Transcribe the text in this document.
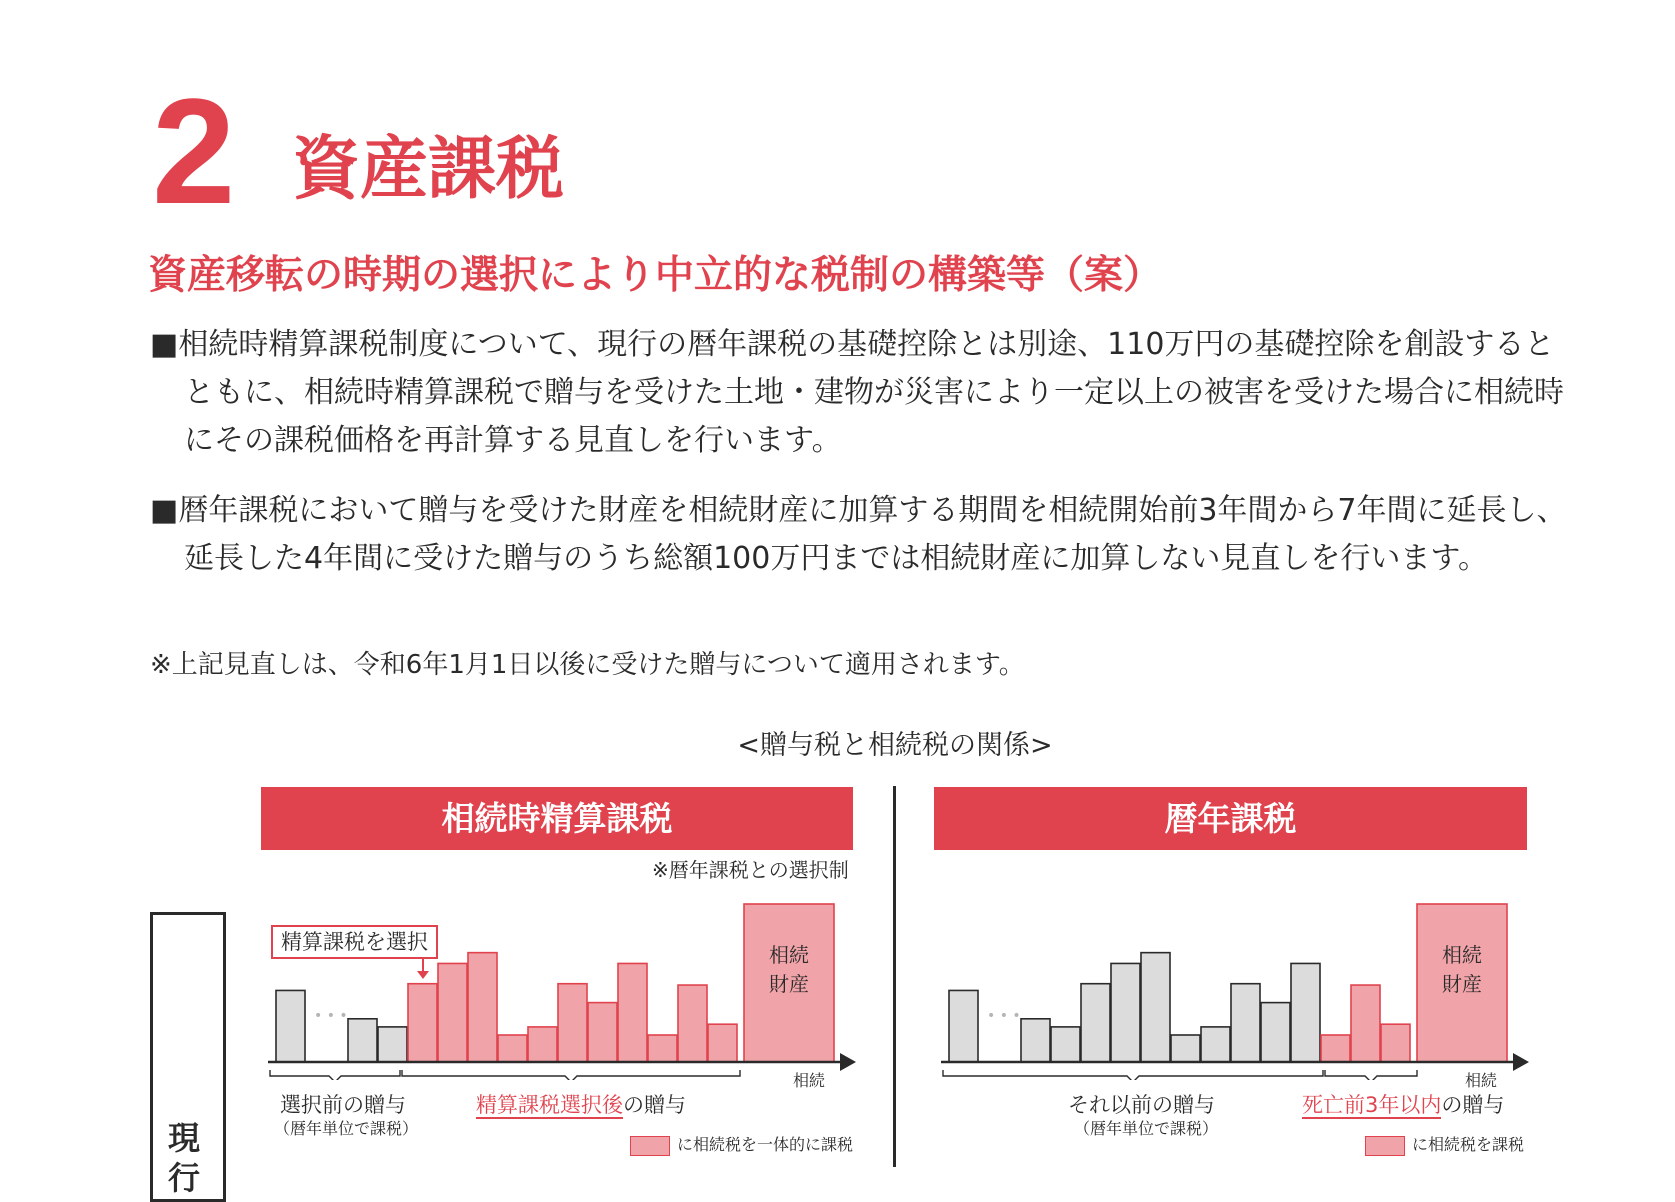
2 資産課税
資産移転の時期の選択により中立的な税制の構築等（案）
■相続時精算課税制度について、現行の暦年課税の基礎控除とは別途、110万円の基礎控除を創設するとともに、相続時精算課税で贈与を受けた土地・建物が災害により一定以上の被害を受けた場合に相続時にその課税価格を再計算する見直しを行います。
■暦年課税において贈与を受けた財産を相続財産に加算する期間を相続開始前3年間から7年間に延長し、延長した4年間に受けた贈与のうち総額100万円までは相続財産に加算しない見直しを行います。
※上記見直しは、令和6年1月1日以後に受けた贈与について適用されます。
<贈与税と相続税の関係>
相続時精算課税	暦年課税
※暦年課税との選択制
現行
• • •
相続
財産
精算課税を選択
相続
選択前の贈与
（暦年単位で課税）
精算課税選択後の贈与
に相続税を一体的に課税
• • •
相続
財産
相続
それ以前の贈与
（暦年単位で課税）
死亡前3年以内の贈与
に相続税を課税
